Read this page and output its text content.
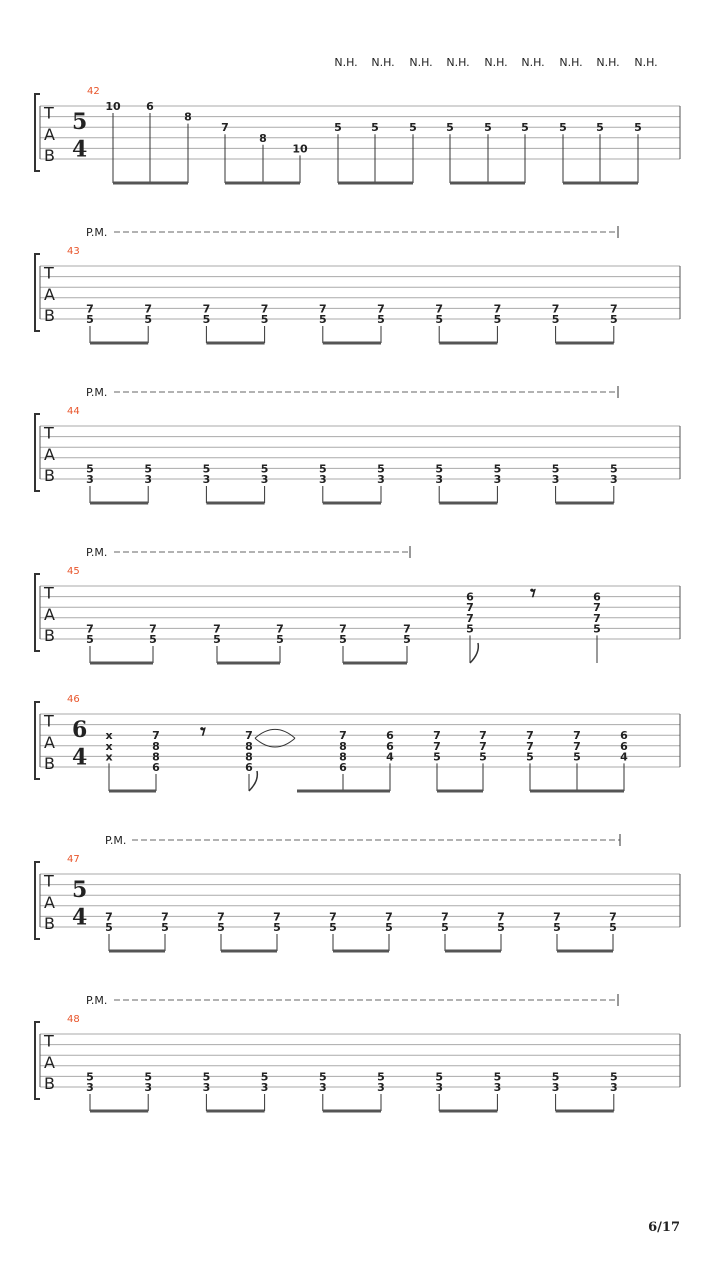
T
A
B
42
5
4
10 6
8
7
8
10
5
N.H.
5
N.H.
5
N.H.
5
N.H.
5
N.H.
5
N.H.
5
N.H.
5
N.H.
5
N.H.
T
A
B
43
P.M.
7
5
7
5
7
5
7
5
7
5
7
5
7
5
7
5
7
5
7
5
T
A
B
44
P.M.
5
3
5
3
5
3
5
3
5
3
5
3
5
3
5
3
5
3
5
3
T
A
B
45
P.M.
7
5
7
5
7
5
7
5
7
5
7
5
6
7
7
5
6
7
7
5
𝄾
T
A
B
46
6
4
x
x
x
7
8
8
6
7
8
8
6
7
8
8
6
6
6
4
7
7
5
7
7
5
7
7
5
7
7
5
6
6
4
𝄾
T
A
B
47
5
4
P.M.
7
5
7
5
7
5
7
5
7
5
7
5
7
5
7
5
7
5
7
5
T
A
B
48
P.M.
5
3
5
3
5
3
5
3
5
3
5
3
5
3
5
3
5
3
5
3
6/17
